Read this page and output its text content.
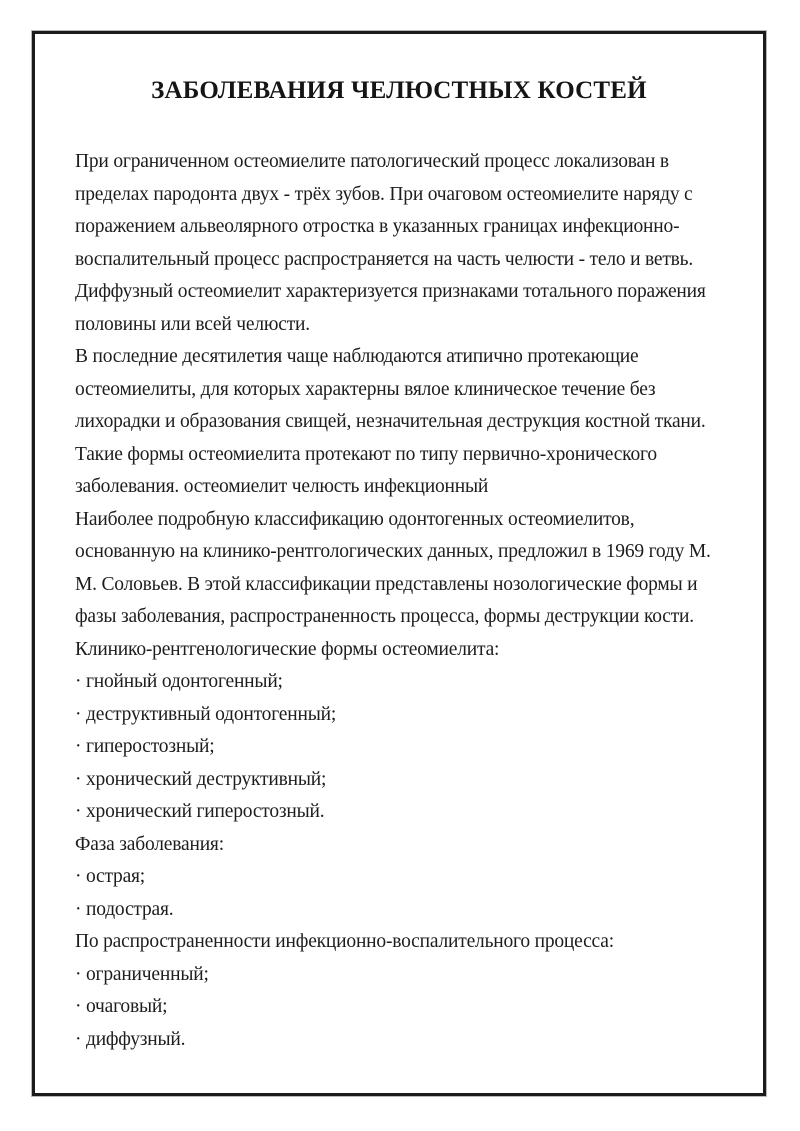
ЗАБОЛЕВАНИЯ ЧЕЛЮСТНЫХ КОСТЕЙ
При ограниченном остеомиелите патологический процесс локализован в
пределах пародонта двух - трёх зубов. При очаговом остеомиелите наряду с
поражением альвеолярного отростка в указанных границах инфекционно-
воспалительный процесс распространяется на часть челюсти - тело и ветвь.
Диффузный остеомиелит характеризуется признаками тотального поражения
половины или всей челюсти.
В последние десятилетия чаще наблюдаются атипично протекающие
остеомиелиты, для которых характерны вялое клиническое течение без
лихорадки и образования свищей, незначительная деструкция костной ткани.
Такие формы остеомиелита протекают по типу первично-хронического
заболевания. остеомиелит челюсть инфекционный
Наиболее подробную классификацию одонтогенных остеомиелитов,
основанную на клинико-рентгологических данных, предложил в 1969 году М.
М. Соловьев. В этой классификации представлены нозологические формы и
фазы заболевания, распространенность процесса, формы деструкции кости.
Клинико-рентгенологические формы остеомиелита:
· гнойный одонтогенный;
· деструктивный одонтогенный;
· гиперостозный;
· хронический деструктивный;
· хронический гиперостозный.
Фаза заболевания:
· острая;
· подострая.
По распространенности инфекционно-воспалительного процесса:
· ограниченный;
· очаговый;
· диффузный.
